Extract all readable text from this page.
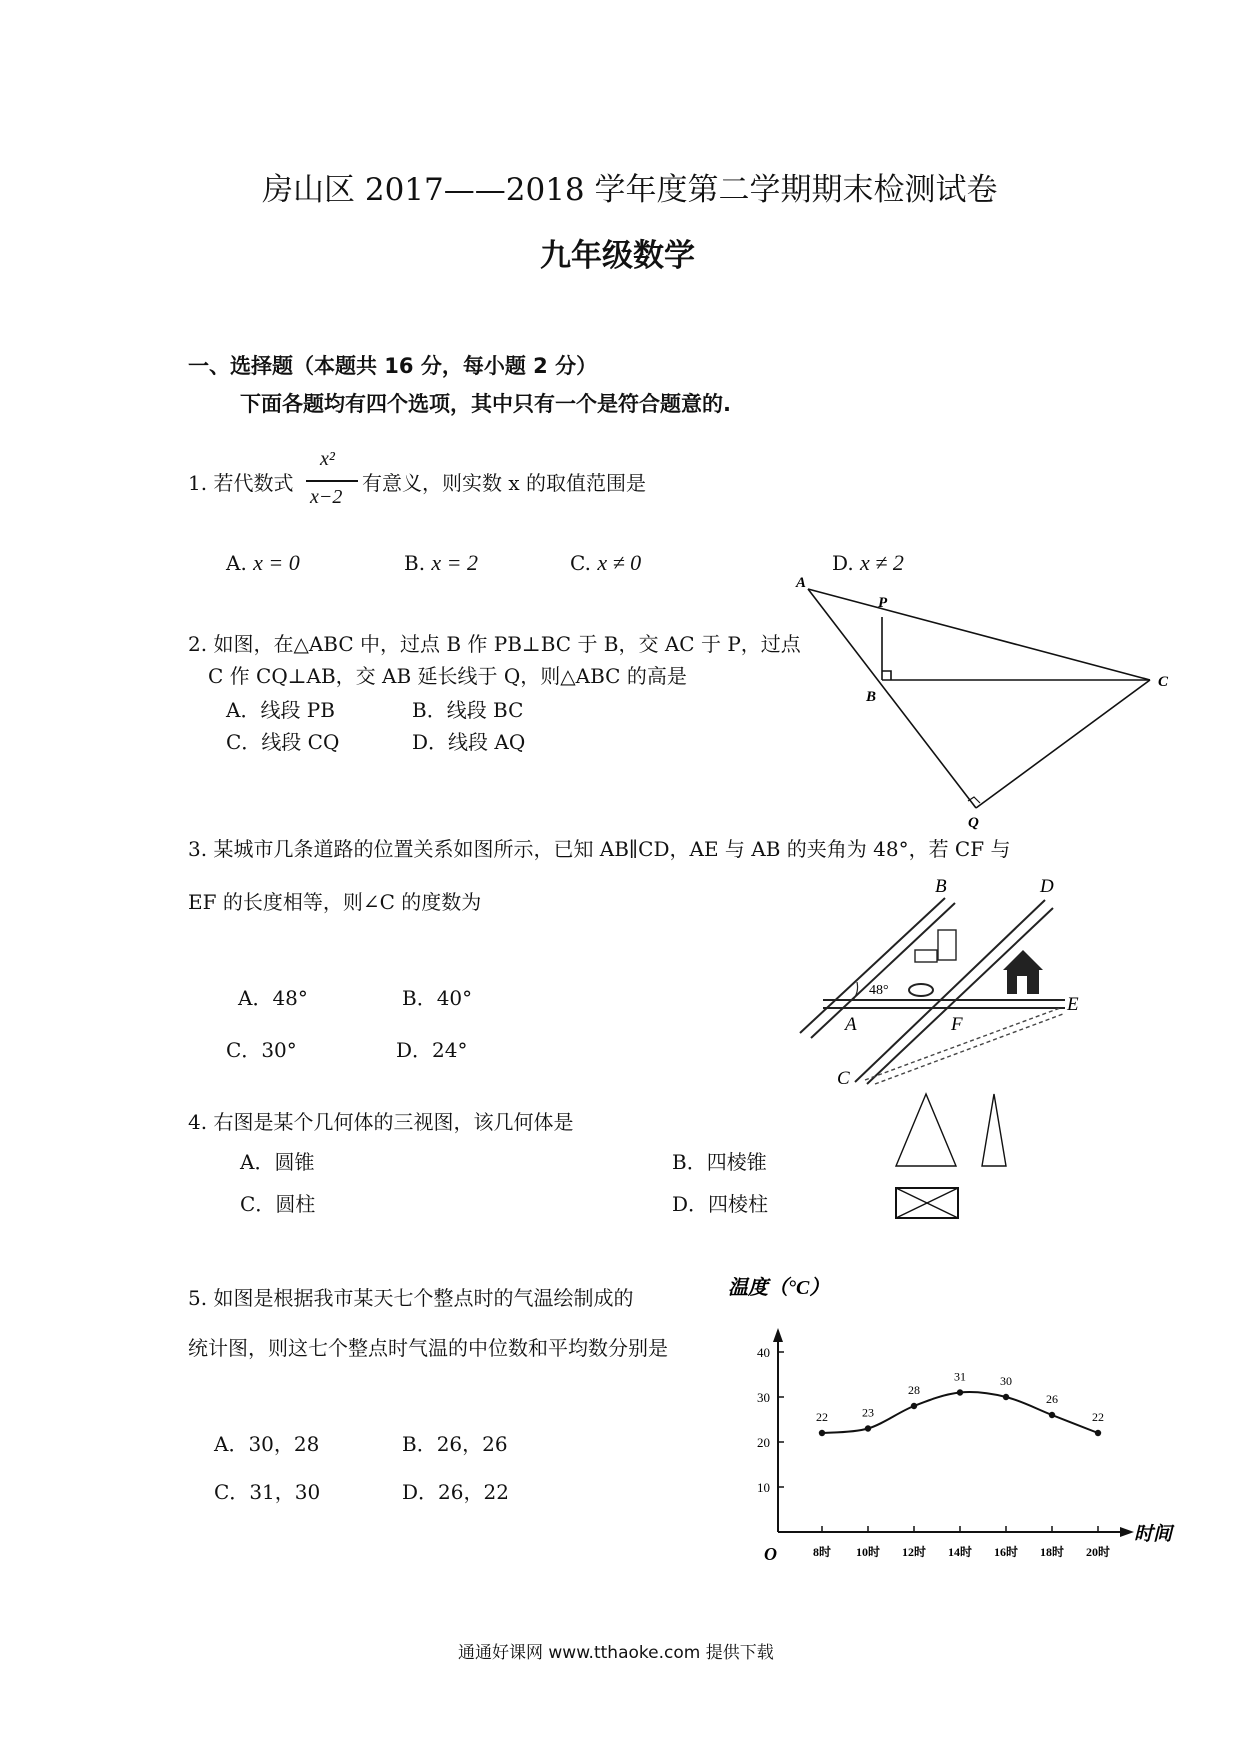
房山区 2017——2018 学年度第二学期期末检测试卷
九年级数学
一、选择题（本题共 16 分，每小题 2 分）
下面各题均有四个选项，其中只有一个是符合题意的.
1. 若代数式
x²
x−2
有意义，则实数 x 的取值范围是
A. x = 0	B. x = 2	C. x ≠ 0	D. x ≠ 2
2. 如图，在△ABC 中，过点 B 作 PB⊥BC 于 B，交 AC 于 P，过点
C 作 CQ⊥AB，交 AB 延长线于 Q，则△ABC 的高是
A．线段 PB	B．线段 BC
C．线段 CQ	D．线段 AQ
A
P
B
C
Q
3. 某城市几条道路的位置关系如图所示，已知 AB∥CD，AE 与 AB 的夹角为 48°，若 CF 与
EF 的长度相等，则∠C 的度数为
A．48°	B．40°
C．30°	D．24°
48°
A
B
C
D
E
F
4. 右图是某个几何体的三视图，该几何体是
A．圆锥	B．四棱锥
C．圆柱	D．四棱柱
5. 如图是根据我市某天七个整点时的气温绘制成的
统计图，则这七个整点时气温的中位数和平均数分别是
A．30，28	B．26，26
C．31，30	D．26，22
温度（°C）
时间
O
10
20
30
40
8时 10时 12时 14时 16时 18时 20时
22	23
28
31	30
26
22
通通好课网 www.tthaoke.com 提供下载
